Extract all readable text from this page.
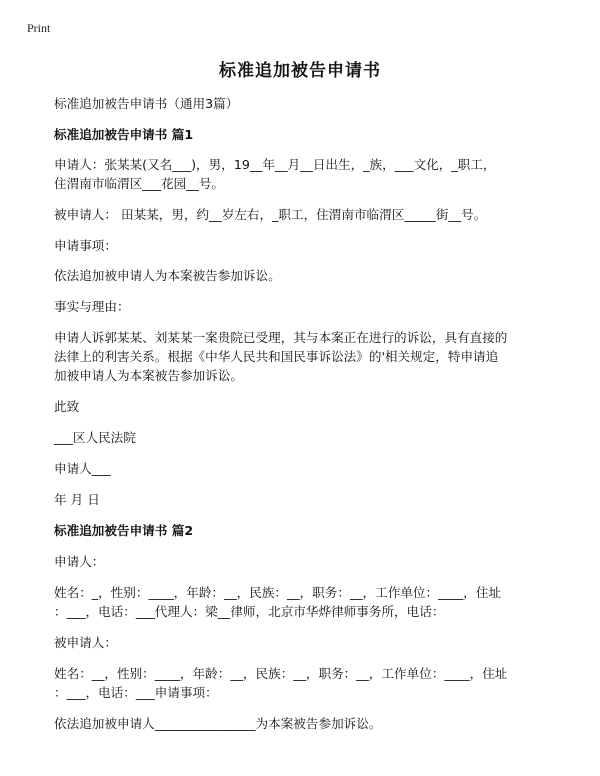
Print
标准追加被告申请书
标准追加被告申请书（通用3篇）
标准追加被告申请书 篇1
申请人：张某某(又名___)，男，19__年__月__日出生，_族，___文化，_职工，
住渭南市临渭区___花园__号。
被申请人： 田某某，男，约__岁左右，_职工，住渭南市临渭区_____街__号。
申请事项：
依法追加被申请人为本案被告参加诉讼。
事实与理由：
申请人诉郭某某、刘某某一案贵院已受理，其与本案正在进行的诉讼，具有直接的
法律上的利害关系。根据《中华人民共和国民事诉讼法》的'相关规定，特申请追
加被申请人为本案被告参加诉讼。
此致
___区人民法院
申请人___
年 月 日
标准追加被告申请书 篇2
申请人：
姓名：_，性别：____，年龄：__，民族：__，职务：__，工作单位：____，住址
：___，电话：___代理人：梁__律师，北京市华烨律师事务所，电话：
被申请人：
姓名：__，性别：____，年龄：__，民族：__，职务：__，工作单位：____，住址
：___，电话：___申请事项：
依法追加被申请人________________为本案被告参加诉讼。
